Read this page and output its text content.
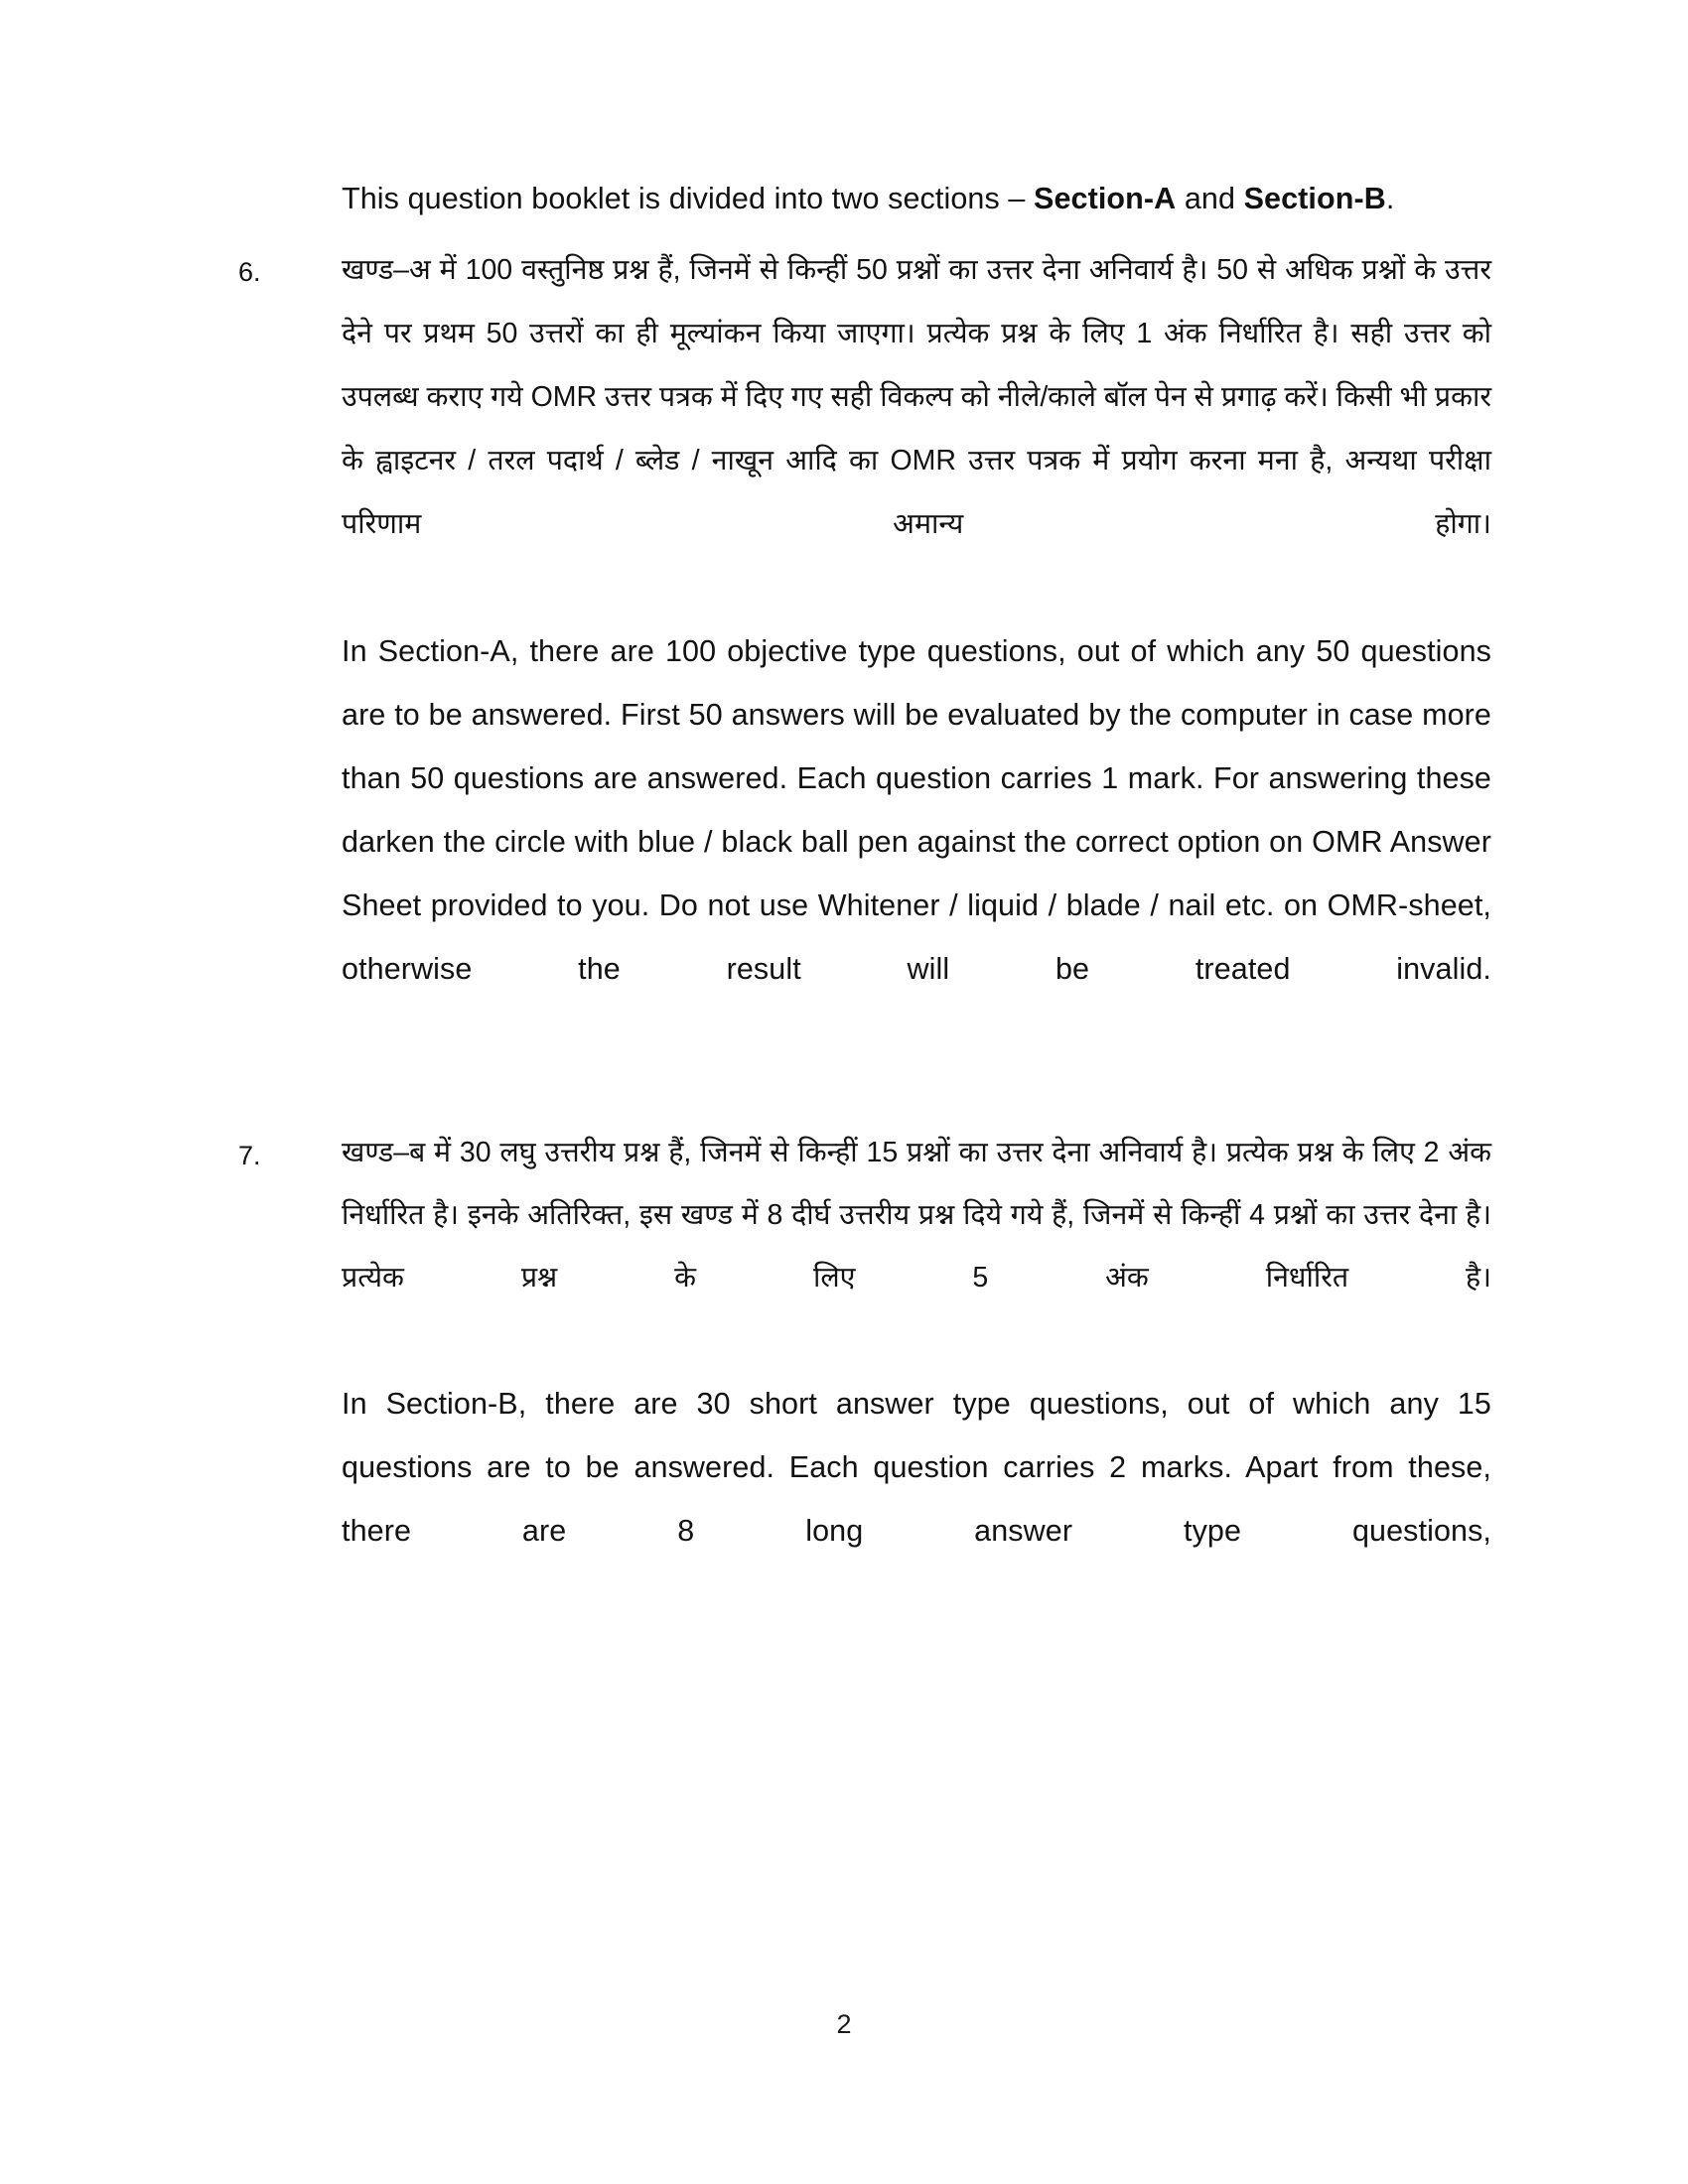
This question booklet is divided into two sections – Section-A and Section-B.

6.	खण्ड–अ में 100 वस्तुनिष्ठ प्रश्न हैं, जिनमें से किन्हीं 50 प्रश्नों का उत्तर देना अनिवार्य है। 50 से अधिक प्रश्नों के उत्तर देने पर प्रथम 50 उत्तरों का ही मूल्यांकन किया जाएगा। प्रत्येक प्रश्न के लिए 1 अंक निर्धारित है। सही उत्तर को उपलब्ध कराए गये OMR उत्तर पत्रक में दिए गए सही विकल्प को नीले/काले बॉल पेन से प्रगाढ़ करें। किसी भी प्रकार के ह्वाइटनर / तरल पदार्थ / ब्लेड / नाखून आदि का OMR उत्तर पत्रक में प्रयोग करना मना है, अन्यथा परीक्षा परिणाम अमान्य होगा।

In Section-A, there are 100 objective type questions, out of which any 50 questions are to be answered. First 50 answers will be evaluated by the computer in case more than 50 questions are answered. Each question carries 1 mark. For answering these darken the circle with blue / black ball pen against the correct option on OMR Answer Sheet provided to you. Do not use Whitener / liquid / blade / nail etc. on OMR-sheet, otherwise the result will be treated invalid.

7.	खण्ड–ब में 30 लघु उत्तरीय प्रश्न हैं, जिनमें से किन्हीं 15 प्रश्नों का उत्तर देना अनिवार्य है। प्रत्येक प्रश्न के लिए 2 अंक निर्धारित है। इनके अतिरिक्त, इस खण्ड में 8 दीर्घ उत्तरीय प्रश्न दिये गये हैं, जिनमें से किन्हीं 4 प्रश्नों का उत्तर देना है। प्रत्येक प्रश्न के लिए 5 अंक निर्धारित है।

In Section-B, there are 30 short answer type questions, out of which any 15 questions are to be answered. Each question carries 2 marks. Apart from these, there are 8 long answer type questions,

2
